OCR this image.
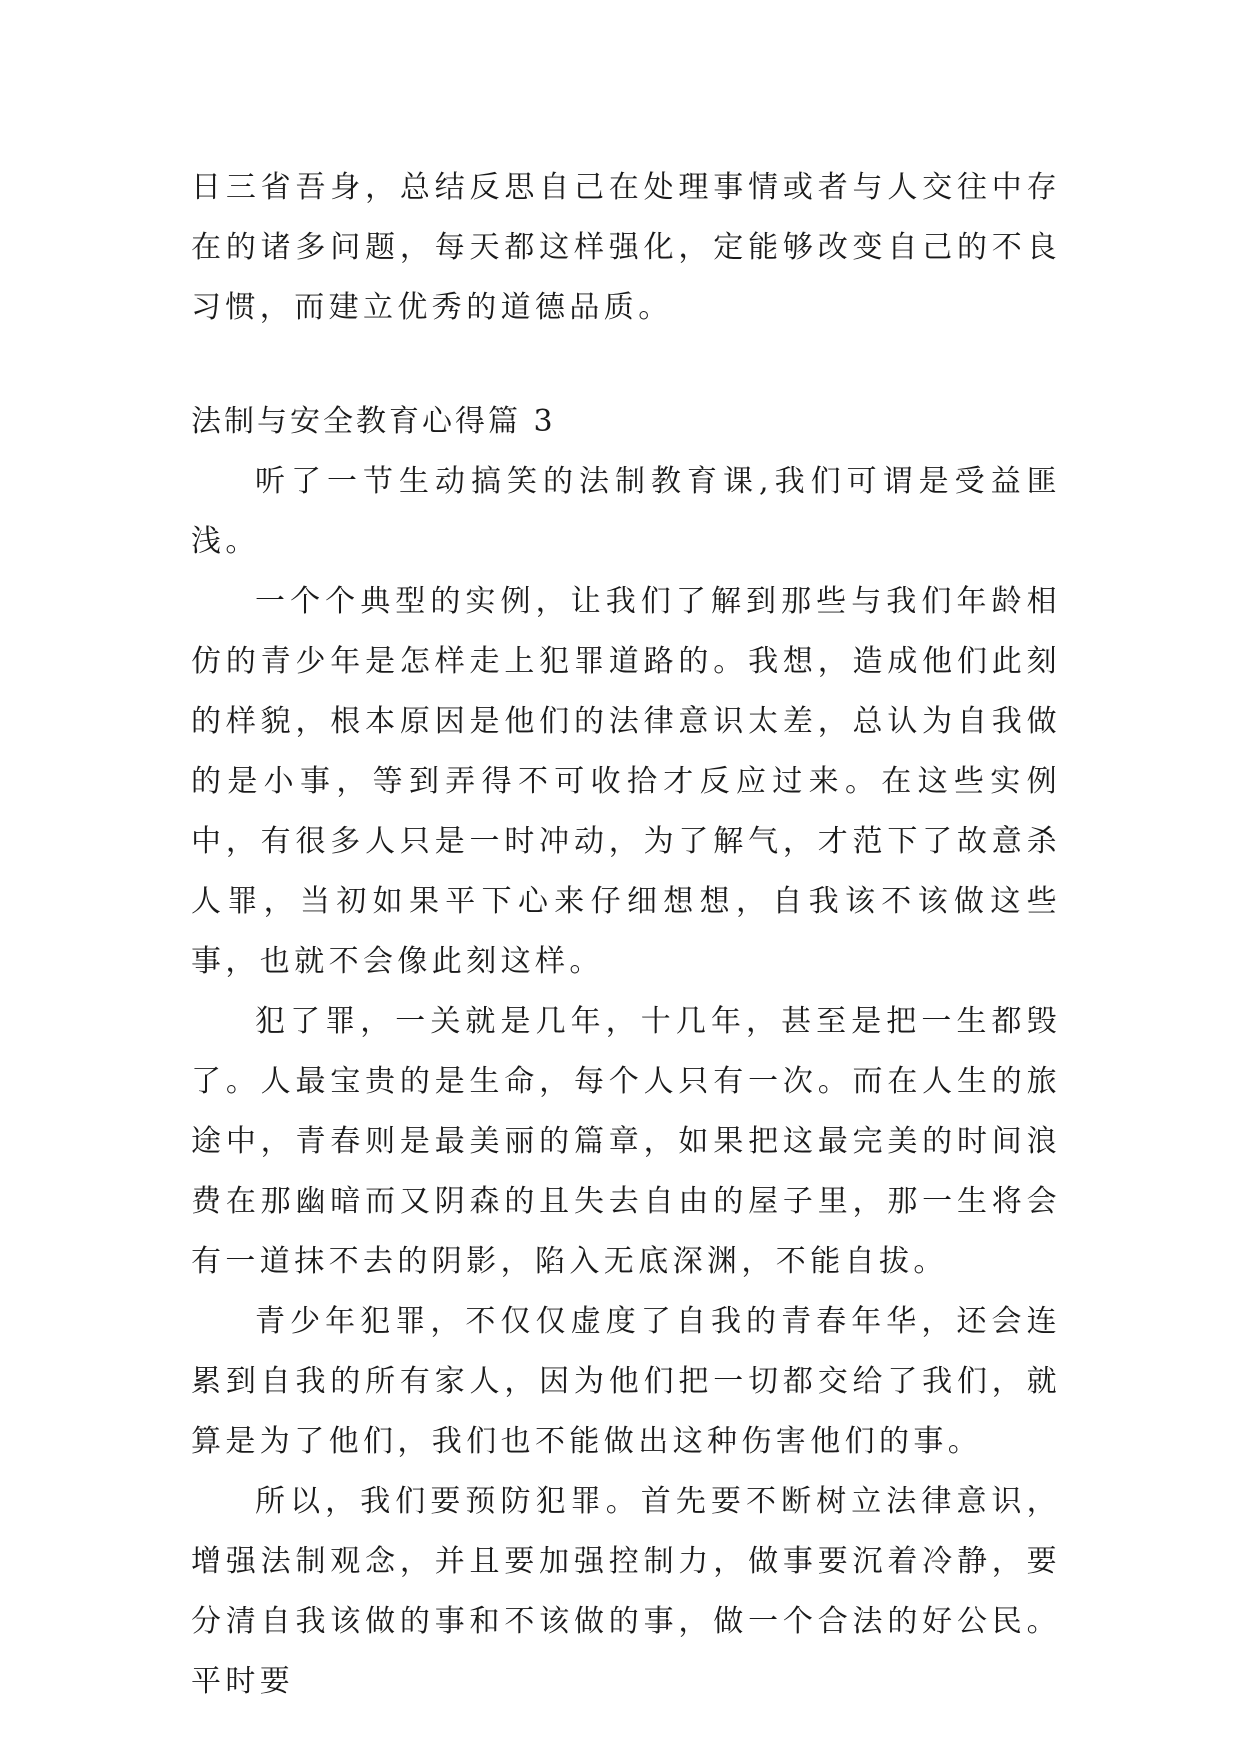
日三省吾身，总结反思自己在处理事情或者与人交往中存在的诸多问题，每天都这样强化，定能够改变自己的不良习惯，而建立优秀的道德品质。

法制与安全教育心得篇 3

听了一节生动搞笑的法制教育课,我们可谓是受益匪浅。

一个个典型的实例，让我们了解到那些与我们年龄相仿的青少年是怎样走上犯罪道路的。我想，造成他们此刻的样貌，根本原因是他们的法律意识太差，总认为自我做的是小事，等到弄得不可收拾才反应过来。在这些实例中，有很多人只是一时冲动，为了解气，才范下了故意杀人罪，当初如果平下心来仔细想想，自我该不该做这些事，也就不会像此刻这样。

犯了罪，一关就是几年，十几年，甚至是把一生都毁了。人最宝贵的是生命，每个人只有一次。而在人生的旅途中，青春则是最美丽的篇章，如果把这最完美的时间浪费在那幽暗而又阴森的且失去自由的屋子里，那一生将会有一道抹不去的阴影，陷入无底深渊，不能自拔。

青少年犯罪，不仅仅虚度了自我的青春年华，还会连累到自我的所有家人，因为他们把一切都交给了我们，就算是为了他们，我们也不能做出这种伤害他们的事。

所以，我们要预防犯罪。首先要不断树立法律意识，增强法制观念，并且要加强控制力，做事要沉着冷静，要分清自我该做的事和不该做的事，做一个合法的好公民。平时要
